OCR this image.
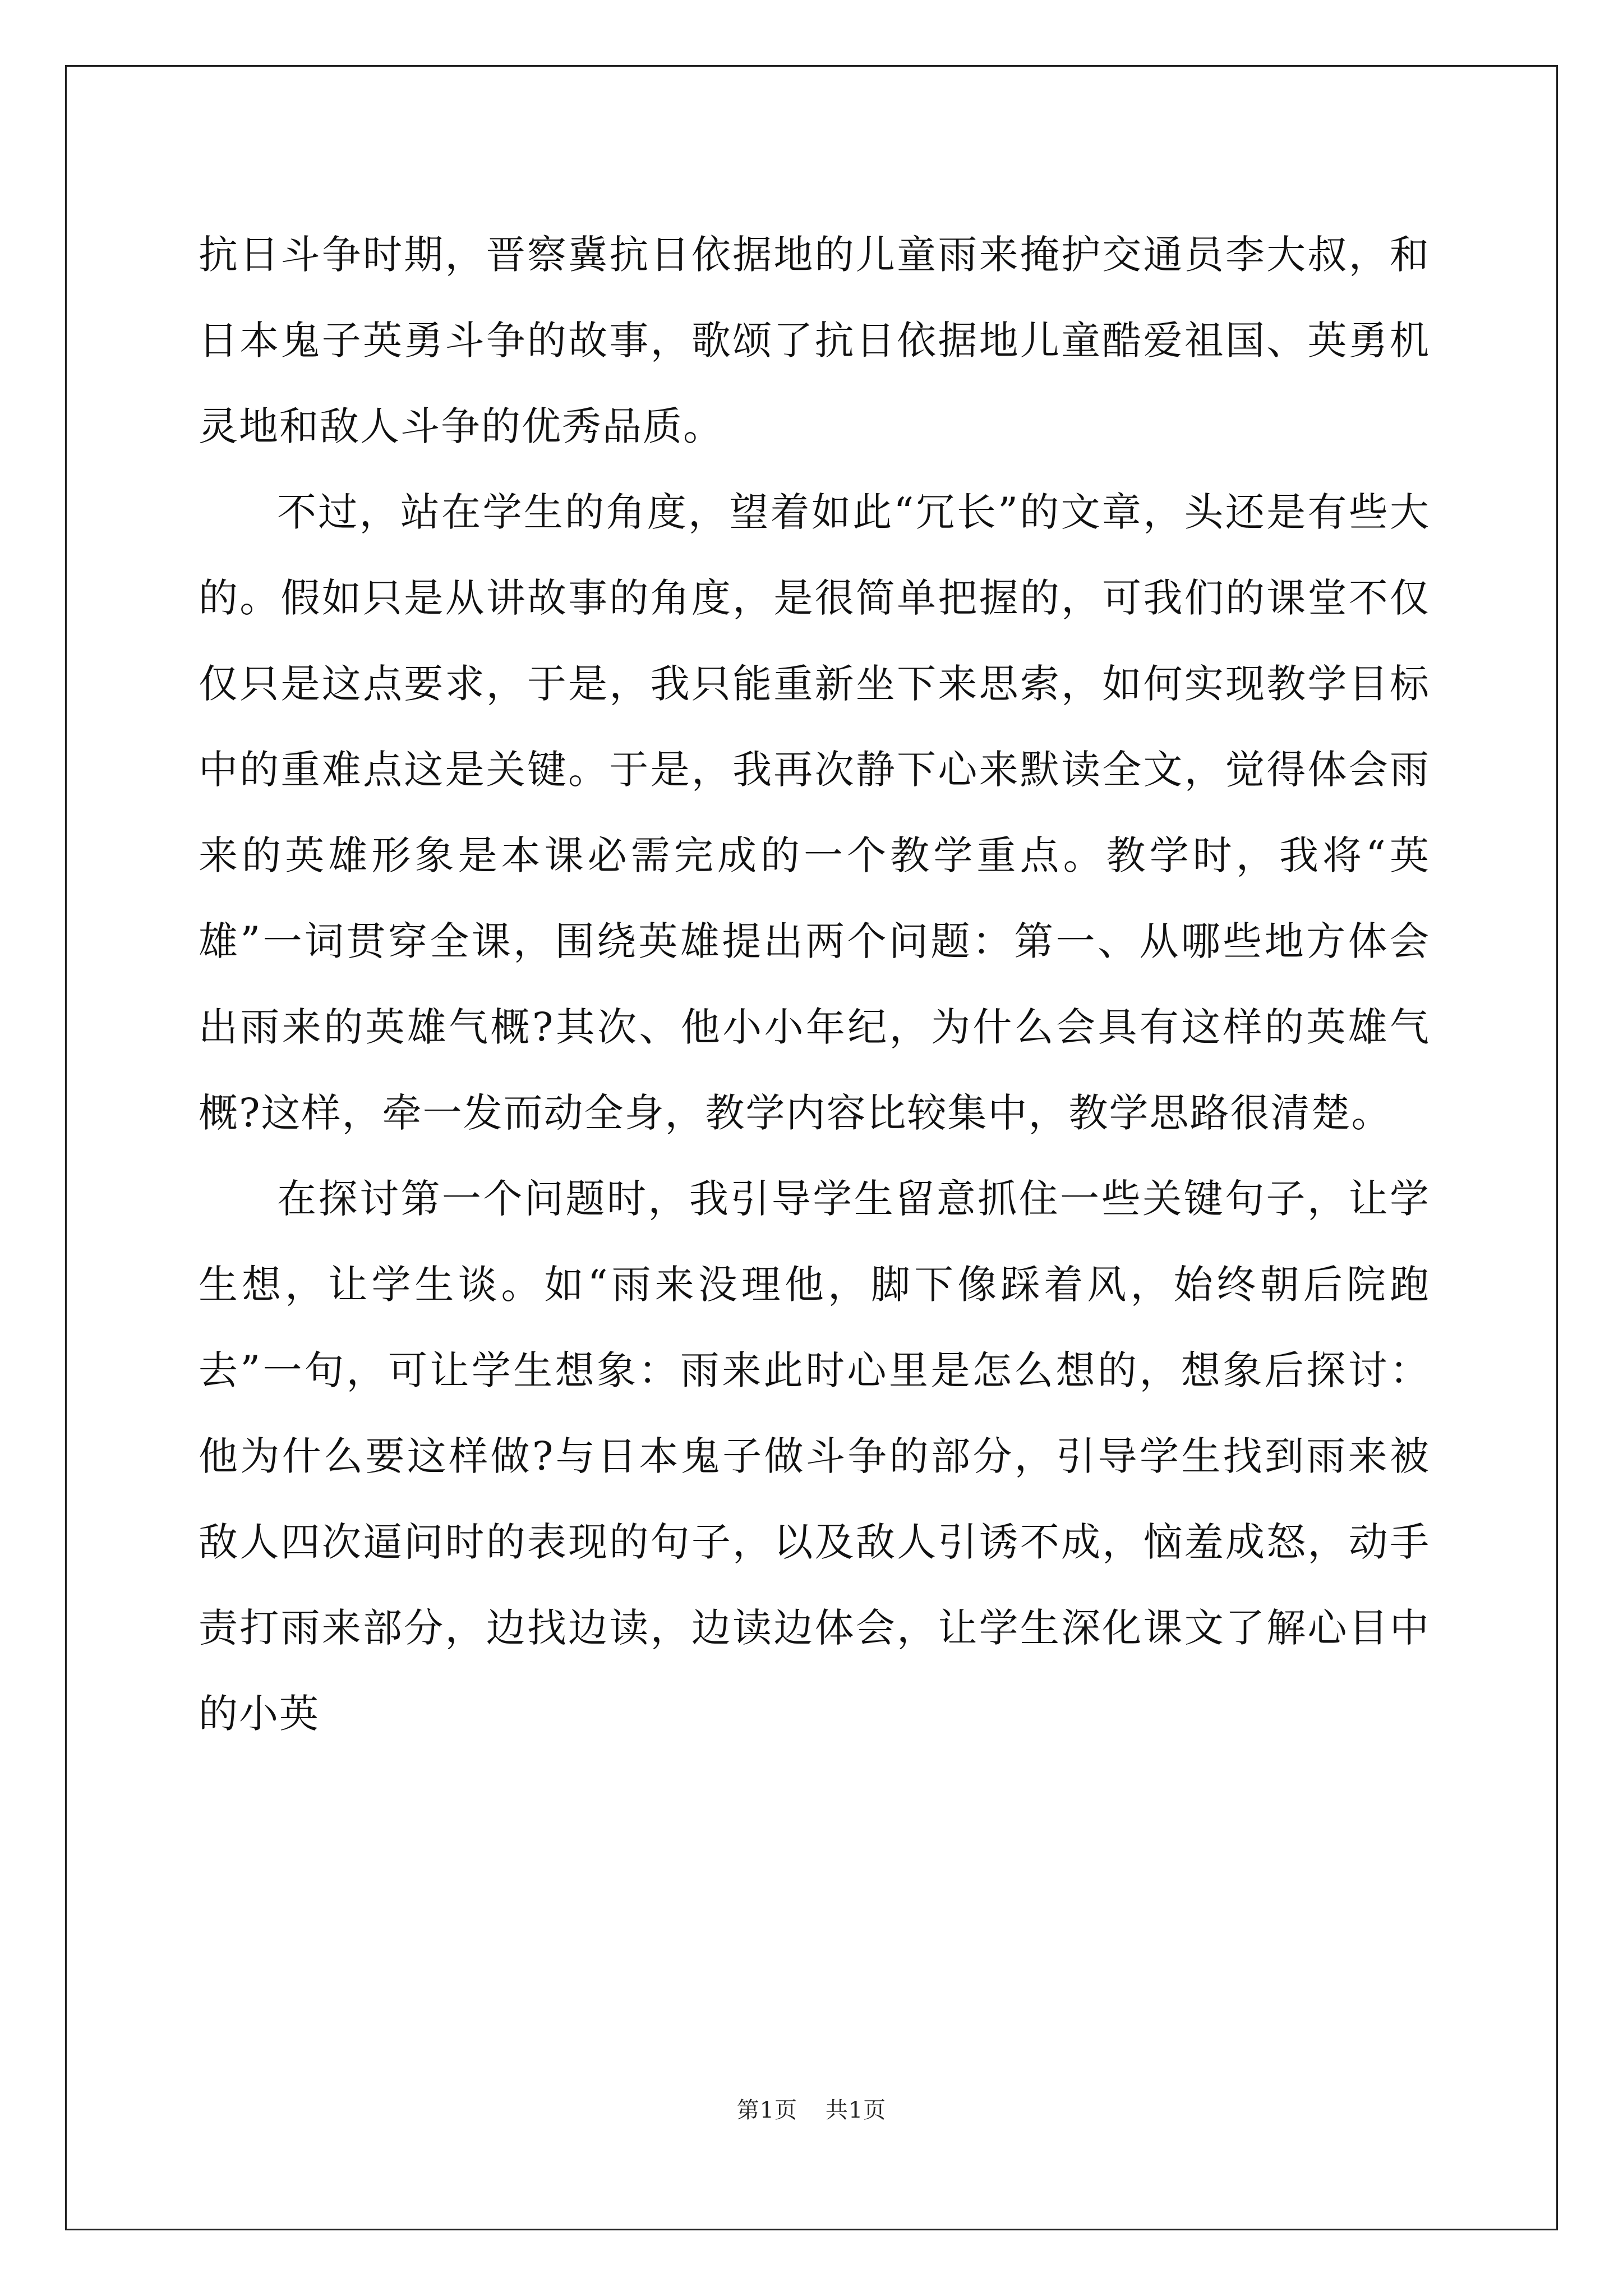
抗日斗争时期，晋察冀抗日依据地的儿童雨来掩护交通员李大叔，和日本鬼子英勇斗争的故事，歌颂了抗日依据地儿童酷爱祖国、英勇机灵地和敌人斗争的优秀品质。

不过，站在学生的角度，望着如此“冗长”的文章，头还是有些大的。假如只是从讲故事的角度，是很简单把握的，可我们的课堂不仅仅只是这点要求，于是，我只能重新坐下来思索，如何实现教学目标中的重难点这是关键。于是，我再次静下心来默读全文，觉得体会雨来的英雄形象是本课必需完成的一个教学重点。教学时，我将“英雄”一词贯穿全课，围绕英雄提出两个问题：第一、从哪些地方体会出雨来的英雄气概?其次、他小小年纪，为什么会具有这样的英雄气概?这样，牵一发而动全身，教学内容比较集中，教学思路很清楚。

在探讨第一个问题时，我引导学生留意抓住一些关键句子，让学生想，让学生谈。如“雨来没理他，脚下像踩着风，始终朝后院跑去”一句，可让学生想象：雨来此时心里是怎么想的，想象后探讨：他为什么要这样做?与日本鬼子做斗争的部分，引导学生找到雨来被敌人四次逼问时的表现的句子，以及敌人引诱不成，恼羞成怒，动手责打雨来部分，边找边读，边读边体会，让学生深化课文了解心目中的小英

第1页 共1页
